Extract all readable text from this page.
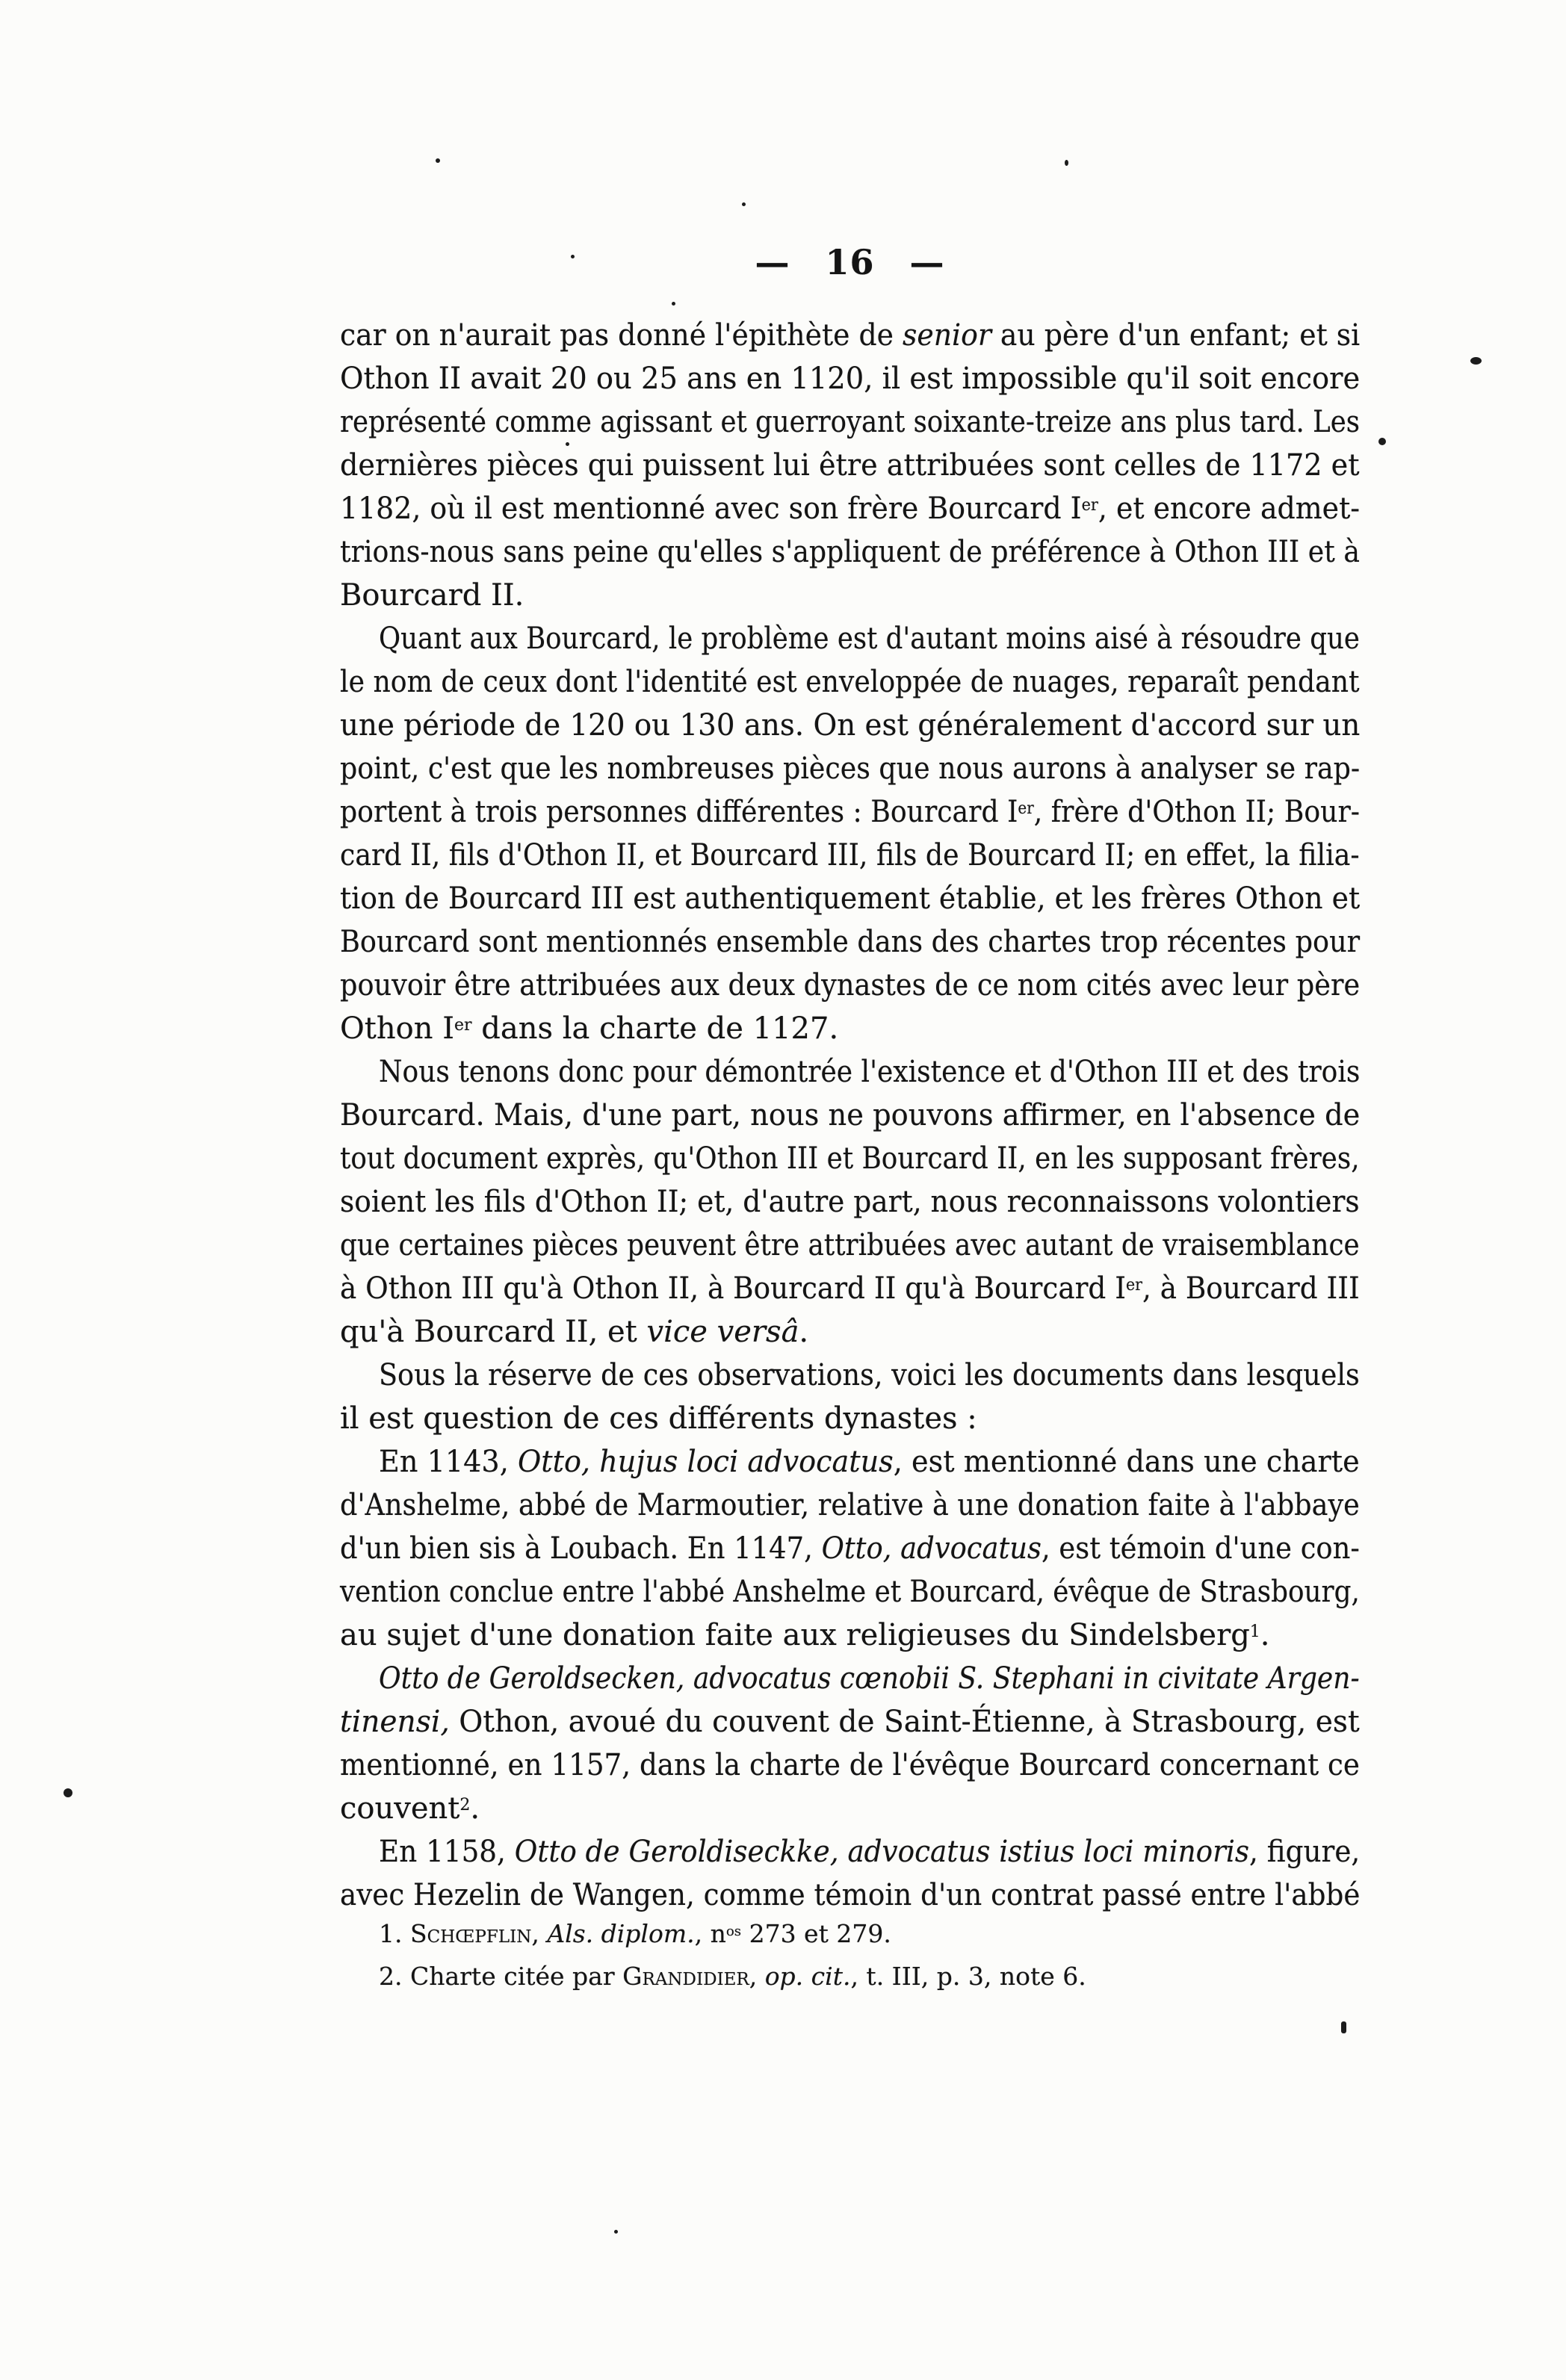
— 16 —
car on n'aurait pas donné l'épithète de senior au père d'un enfant; et si
Othon II avait 20 ou 25 ans en 1120, il est impossible qu'il soit encore
représenté comme agissant et guerroyant soixante-treize ans plus tard. Les
dernières pièces qui puissent lui être attribuées sont celles de 1172 et
1182, où il est mentionné avec son frère Bourcard Ier, et encore admet-
trions-nous sans peine qu'elles s'appliquent de préférence à Othon III et à
Bourcard II.
Quant aux Bourcard, le problème est d'autant moins aisé à résoudre que
le nom de ceux dont l'identité est enveloppée de nuages, reparaît pendant
une période de 120 ou 130 ans. On est généralement d'accord sur un
point, c'est que les nombreuses pièces que nous aurons à analyser se rap-
portent à trois personnes différentes : Bourcard Ier, frère d'Othon II; Bour-
card II, fils d'Othon II, et Bourcard III, fils de Bourcard II; en effet, la filia-
tion de Bourcard III est authentiquement établie, et les frères Othon et
Bourcard sont mentionnés ensemble dans des chartes trop récentes pour
pouvoir être attribuées aux deux dynastes de ce nom cités avec leur père
Othon Ier dans la charte de 1127.
Nous tenons donc pour démontrée l'existence et d'Othon III et des trois
Bourcard. Mais, d'une part, nous ne pouvons affirmer, en l'absence de
tout document exprès, qu'Othon III et Bourcard II, en les supposant frères,
soient les fils d'Othon II; et, d'autre part, nous reconnaissons volontiers
que certaines pièces peuvent être attribuées avec autant de vraisemblance
à Othon III qu'à Othon II, à Bourcard II qu'à Bourcard Ier, à Bourcard III
qu'à Bourcard II, et vice versâ.
Sous la réserve de ces observations, voici les documents dans lesquels
il est question de ces différents dynastes :
En 1143, Otto, hujus loci advocatus, est mentionné dans une charte
d'Anshelme, abbé de Marmoutier, relative à une donation faite à l'abbaye
d'un bien sis à Loubach. En 1147, Otto, advocatus, est témoin d'une con-
vention conclue entre l'abbé Anshelme et Bourcard, évêque de Strasbourg,
au sujet d'une donation faite aux religieuses du Sindelsberg$^1$.
Otto de Geroldsecken, advocatus cœnobii S. Stephani in civitate Argen-
tinensi, Othon, avoué du couvent de Saint-Étienne, à Strasbourg, est
mentionné, en 1157, dans la charte de l'évêque Bourcard concernant ce
couvent$^2$.
En 1158, Otto de Geroldiseckke, advocatus istius loci minoris, figure,
avec Hezelin de Wangen, comme témoin d'un contrat passé entre l'abbé
1. Schœpflin, Als. diplom., $n^{os}$ 273 et 279.
2. Charte citée par Grandidier, op. cit., t. III, p. 3, note 6.
